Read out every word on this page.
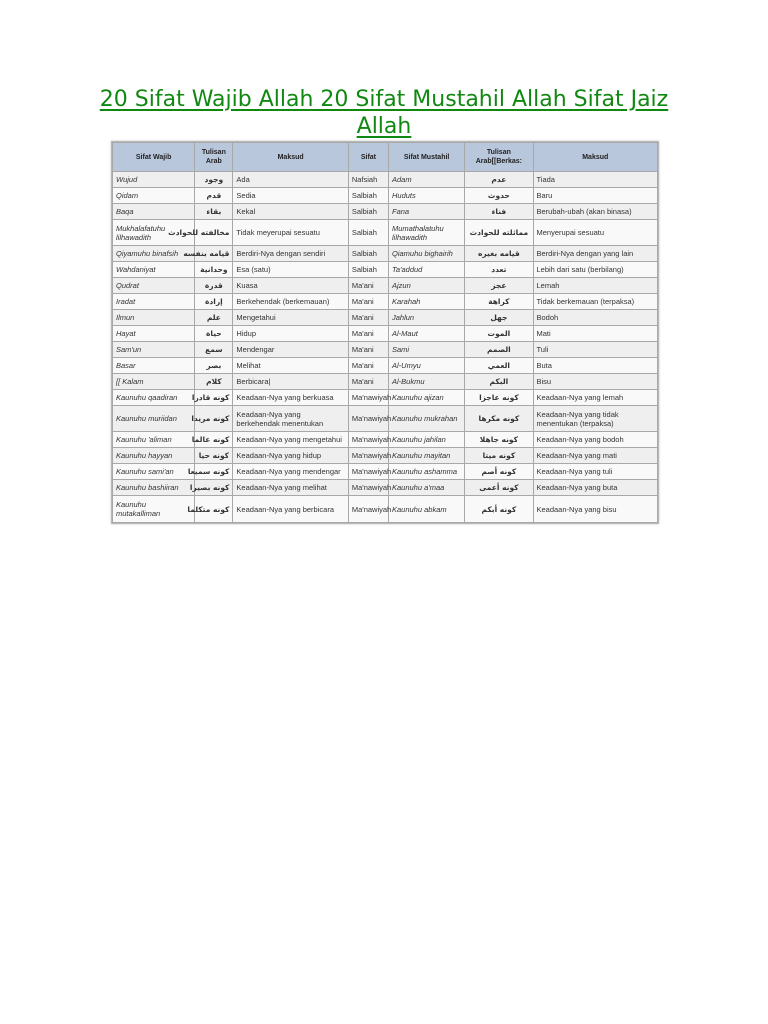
20 Sifat Wajib Allah 20 Sifat Mustahil Allah Sifat Jaiz Allah
Sifat Wajib	Tulisan Arab	Maksud	Sifat	Sifat Mustahil	Tulisan Arab[[Berkas:	Maksud
Wujud	وجود	Ada	Nafsiah	Adam	عدم	Tiada
Qidam	قدم	Sedia	Salbiah	Huduts	حدوث	Baru
Baqa	بقاء	Kekal	Salbiah	Fana	فناء	Berubah-ubah (akan binasa)
Mukhalafatuhu lilhawadith	مخالفته للحوادث	Tidak meyerupai sesuatu	Salbiah	Mumathalatuhu lilhawadith	مماثلته للحوادث	Menyerupai sesuatu
Qiyamuhu binafsih	قيامه بنفسه	Berdiri-Nya dengan sendiri	Salbiah	Qiamuhu bighairih	قيامه بغيره	Berdiri-Nya dengan yang lain
Wahdaniyat	وحدانية	Esa (satu)	Salbiah	Ta'addud	تعدد	Lebih dari satu (berbilang)
Qudrat	قدرة	Kuasa	Ma'ani	Ajzun	عجز	Lemah
Iradat	إرادة	Berkehendak (berkemauan)	Ma'ani	Karahah	كراهة	Tidak berkemauan (terpaksa)
Ilmun	علم	Mengetahui	Ma'ani	Jahlun	جهل	Bodoh
Hayat	حياة	Hidup	Ma'ani	Al-Maut	الموت	Mati
Sam'un	سمع	Mendengar	Ma'ani	Sami	الصمم	Tuli
Basar	بصر	Melihat	Ma'ani	Al-Umyu	العمي	Buta
[[ Kalam	كلام	Berbicara|	Ma'ani	Al-Bukmu	البكم	Bisu
Kaunuhu qaadiran	كونه قادرا	Keadaan-Nya yang berkuasa	Ma'nawiyah	Kaunuhu ajizan	كونه عاجزا	Keadaan-Nya yang lemah
Kaunuhu muriidan	كونه مريدا	Keadaan-Nya yang berkehendak menentukan	Ma'nawiyah	Kaunuhu mukrahan	كونه مكرها	Keadaan-Nya yang tidak menentukan (terpaksa)
Kaunuhu 'aliman	كونه عالما	Keadaan-Nya yang mengetahui	Ma'nawiyah	Kaunuhu jahilan	كونه جاهلا	Keadaan-Nya yang bodoh
Kaunuhu hayyan	كونه حيا	Keadaan-Nya yang hidup	Ma'nawiyah	Kaunuhu mayitan	كونه ميتا	Keadaan-Nya yang mati
Kaunuhu sami'an	كونه سميعا	Keadaan-Nya yang mendengar	Ma'nawiyah	Kaunuhu ashamma	كونه أصم	Keadaan-Nya yang tuli
Kaunuhu bashiiran	كونه بصيرا	Keadaan-Nya yang melihat	Ma'nawiyah	Kaunuhu a'maa	كونه أعمى	Keadaan-Nya yang buta
Kaunuhu mutakalliman	كونه متكلما	Keadaan-Nya yang berbicara	Ma'nawiyah	Kaunuhu abkam	كونه أبكم	Keadaan-Nya yang bisu
